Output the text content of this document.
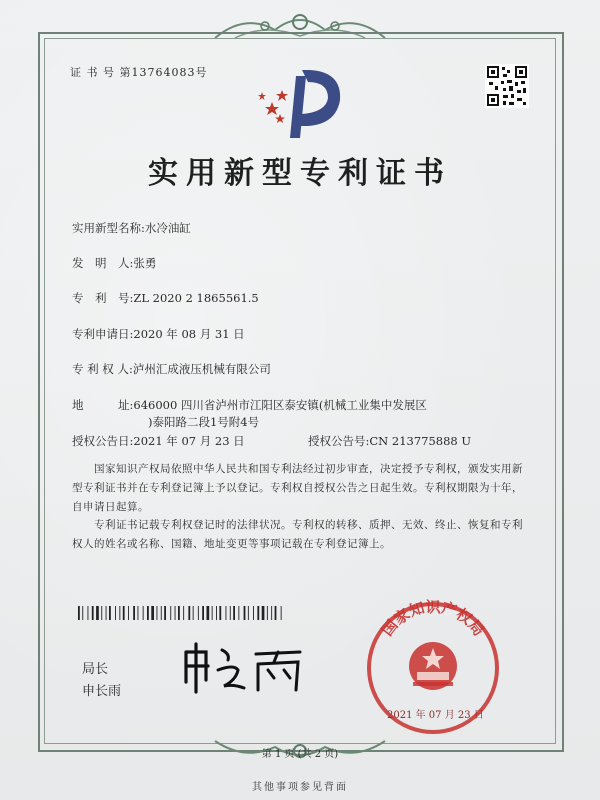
证 书 号 第13764083号
实用新型专利证书
实用新型名称:水冷油缸
发　明　人:张勇
专　利　号:ZL 2020 2 1865561.5
专利申请日:2020 年 08 月 31 日
专 利 权 人:泸州汇成液压机械有限公司
地　　　址:646000 四川省泸州市江阳区泰安镇(机械工业集中发展区
)泰阳路二段1号附4号
授权公告日:2021 年 07 月 23 日	授权公告号:CN 213775888 U
国家知识产权局依照中华人民共和国专利法经过初步审查，决定授予专利权，颁发实用新型专利证书并在专利登记簿上予以登记。专利权自授权公告之日起生效。专利权期限为十年，自申请日起算。
专利证书记载专利权登记时的法律状况。专利权的转移、质押、无效、终止、恢复和专利权人的姓名或名称、国籍、地址变更等事项记载在专利登记簿上。
局长
申长雨
国家知识产权局
2021 年 07 月 23 日
第 1 页 (共 2 页)
其他事项参见背面
